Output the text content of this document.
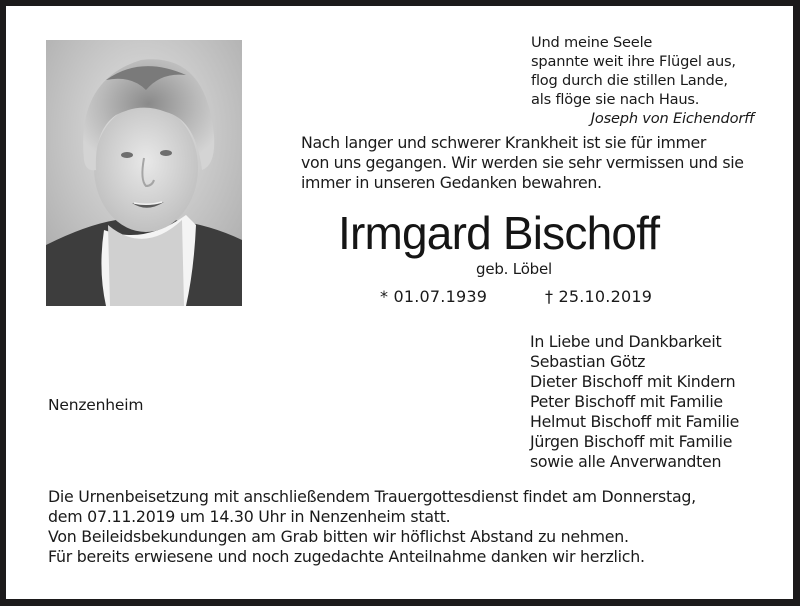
Und meine Seele
spannte weit ihre Flügel aus,
flog durch die stillen Lande,
als flöge sie nach Haus.
Joseph von Eichendorff
Nach langer und schwerer Krankheit ist sie für immer
von uns gegangen. Wir werden sie sehr vermissen und sie
immer in unseren Gedanken bewahren.
Irmgard Bischoff
geb. Löbel
* 01.07.1939	† 25.10.2019
Nenzenheim
In Liebe und Dankbarkeit
Sebastian Götz
Dieter Bischoff mit Kindern
Peter Bischoff mit Familie
Helmut Bischoff mit Familie
Jürgen Bischoff mit Familie
sowie alle Anverwandten
Die Urnenbeisetzung mit anschließendem Trauergottesdienst findet am Donnerstag,
dem 07.11.2019 um 14.30 Uhr in Nenzenheim statt.
Von Beileidsbekundungen am Grab bitten wir höflichst Abstand zu nehmen.
Für bereits erwiesene und noch zugedachte Anteilnahme danken wir herzlich.
